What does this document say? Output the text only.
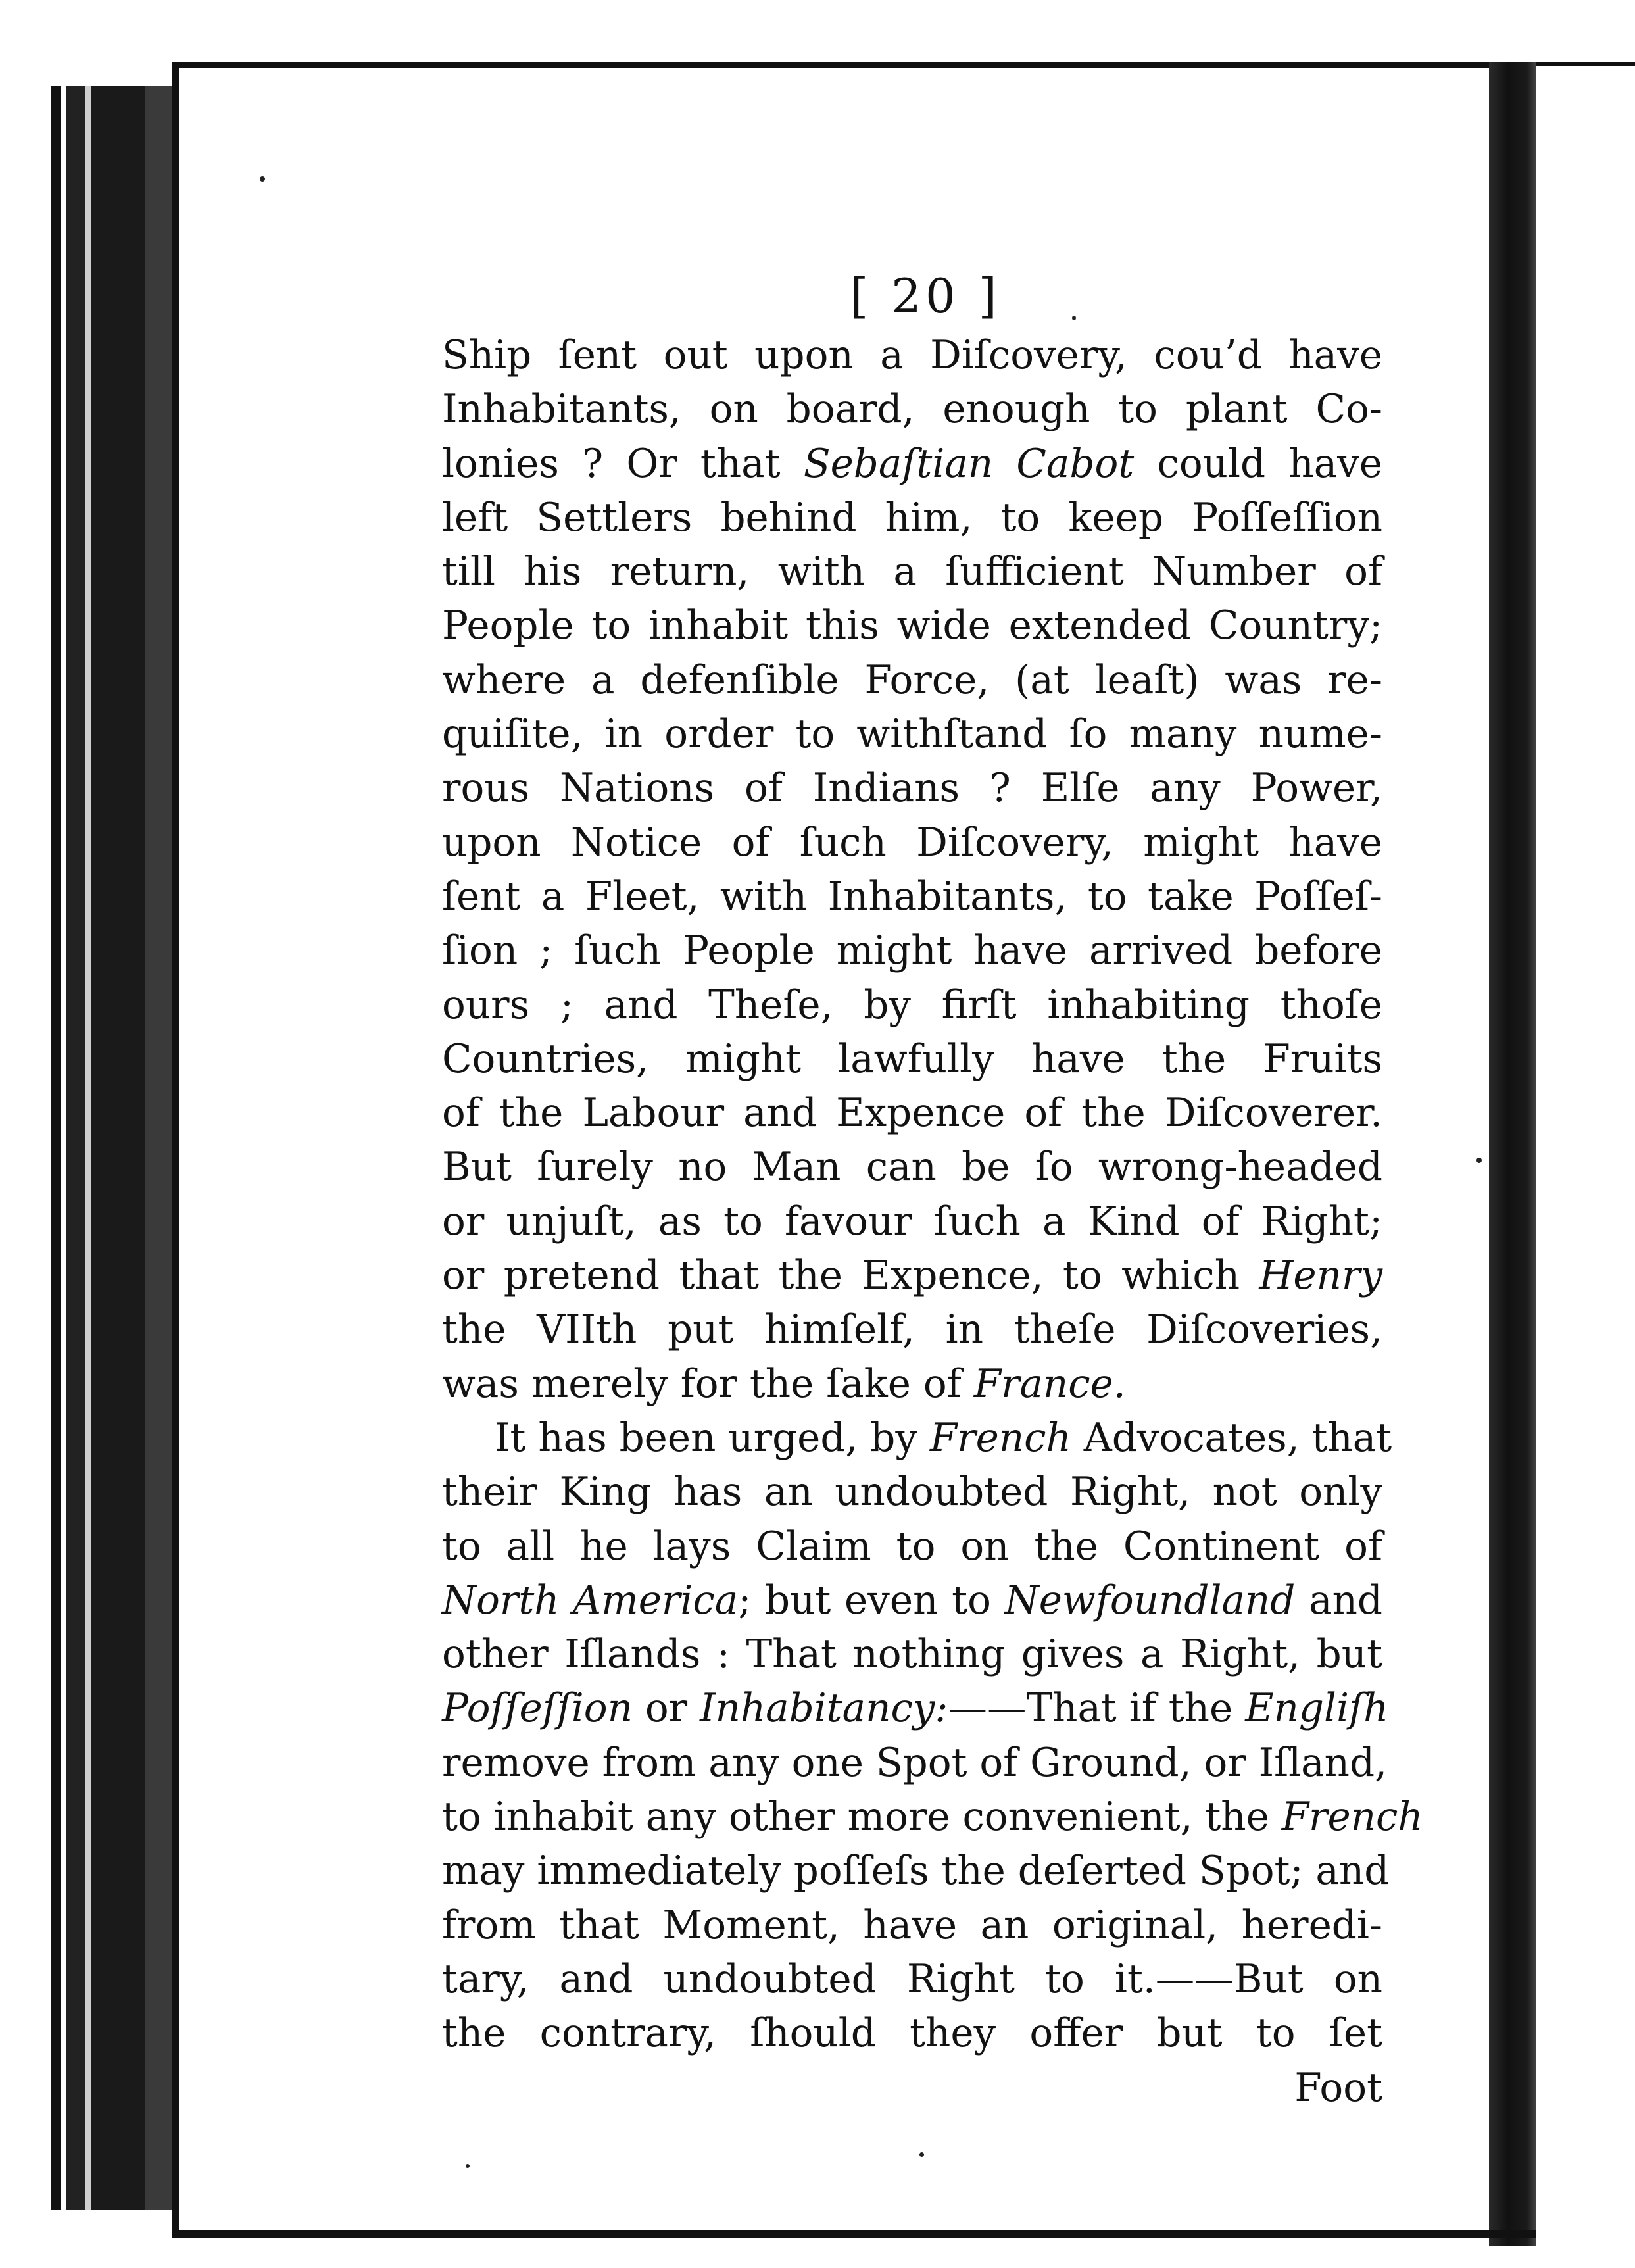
[ 20 ]
Ship ſent out upon a Diſcovery, cou’d have
Inhabitants, on board, enough to plant Co-
lonies ? Or that Sebaſtian Cabot could have
left Settlers behind him, to keep Poſſeſſion
till his return, with a ſufficient Number of
People to inhabit this wide extended Country;
where a defenſible Force, (at leaſt) was re-
quiſite, in order to withſtand ſo many nume-
rous Nations of Indians ? Elſe any Power,
upon Notice of ſuch Diſcovery, might have
ſent a Fleet, with Inhabitants, to take Poſſeſ-
ſion ; ſuch People might have arrived before
ours ; and Theſe, by firſt inhabiting thoſe
Countries, might lawfully have the Fruits
of the Labour and Expence of the Diſcoverer.
But ſurely no Man can be ſo wrong-headed
or unjuſt, as to favour ſuch a Kind of Right;
or pretend that the Expence, to which Henry
the VIIth put himſelf, in theſe Diſcoveries,
was merely for the ſake of France.
It has been urged, by French Advocates, that
their King has an undoubted Right, not only
to all he lays Claim to on the Continent of
North America; but even to Newfoundland and
other Iſlands : That nothing gives a Right, but
Poſſeſſion or Inhabitancy:——That if the Engliſh
remove from any one Spot of Ground, or Iſland,
to inhabit any other more convenient, the French
may immediately poſſeſs the deſerted Spot; and
from that Moment, have an original, heredi-
tary, and undoubted Right to it.——But on
the contrary, ſhould they offer but to ſet
Foot
